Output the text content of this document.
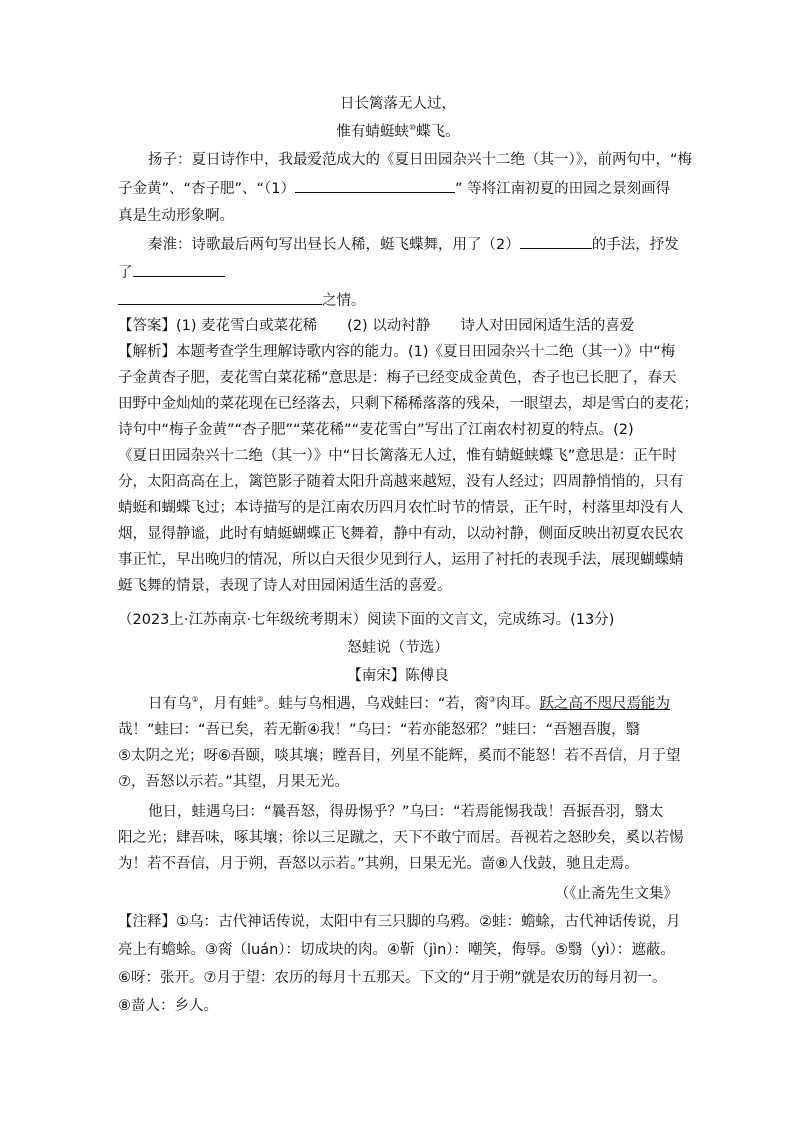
日长篱落无人过，
惟有蜻蜓蛱⑩蝶飞。
扬子：夏日诗作中，我最爱范成大的《夏日田园杂兴十二绝（其一）》，前两句中，“梅
子金黄”、“杏子肥”、“（1）	” 等将江南初夏的田园之景刻画得
真是生动形象啊。
秦淮：诗歌最后两句写出昼长人稀，蜓飞蝶舞，用了（2）	的手法，抒发
了
之情。
【答案】(1) 麦花雪白或菜花稀 (2) 以动衬静 诗人对田园闲适生活的喜爱
【解析】本题考查学生理解诗歌内容的能力。(1)《夏日田园杂兴十二绝（其一）》中“梅
子金黄杏子肥，麦花雪白菜花稀”意思是：梅子已经变成金黄色，杏子也已长肥了，春天
田野中金灿灿的菜花现在已经落去，只剩下稀稀落落的残朵，一眼望去，却是雪白的麦花；
诗句中“梅子金黄”“杏子肥”“菜花稀”“麦花雪白”写出了江南农村初夏的特点。(2)
《夏日田园杂兴十二绝（其一）》中“日长篱落无人过，惟有蜻蜓蛱蝶飞”意思是：正午时
分，太阳高高在上，篱笆影子随着太阳升高越来越短，没有人经过；四周静悄悄的，只有
蜻蜓和蝴蝶飞过；本诗描写的是江南农历四月农忙时节的情景，正午时，村落里却没有人
烟，显得静谧，此时有蜻蜓蝴蝶正飞舞着，静中有动，以动衬静，侧面反映出初夏农民农
事正忙，早出晚归的情况，所以白天很少见到行人，运用了衬托的表现手法，展现蝴蝶蜻
蜓飞舞的情景，表现了诗人对田园闲适生活的喜爱。
（2023上·江苏南京·七年级统考期末）阅读下面的文言文，完成练习。(13分)
怒蛙说（节选）
【南宋】陈傅良
日有乌①，月有蛙②。蛙与乌相遇，乌戏蛙曰：“若，脔③肉耳。跃之高不咫尺焉能为
哉！”蛙曰：“吾已矣，若无靳④我！”乌曰：“若亦能怒邪？”蛙曰：“吾翘吾腹，翳
⑤太阴之光；呀⑥吾颐，啖其壤；瞠吾目，列星不能辉，奚而不能怒！若不吾信，月于望
⑦，吾怒以示若。”其望，月果无光。
他日，蛙遇乌曰：“曩吾怒，得毋惕乎？”乌曰：“若焉能惕我哉！吾振吾羽，翳太
阳之光；肆吾味，啄其壤；徐以三足蹴之，天下不敢宁而居。吾视若之怒眇矣，奚以若惕
为！若不吾信，月于朔，吾怒以示若。”其朔，日果无光。啬⑧人伐鼓，驰且走焉。
（《止斋先生文集》
【注释】①乌：古代神话传说，太阳中有三只脚的乌鸦。②蛙：蟾蜍，古代神话传说，月
亮上有蟾蜍。③脔（luán）：切成块的肉。④靳（jìn）：嘲笑，侮辱。⑤翳（yì）：遮蔽。
⑥呀：张开。⑦月于望：农历的每月十五那天。下文的“月于朔”就是农历的每月初一。
⑧啬人：乡人。
